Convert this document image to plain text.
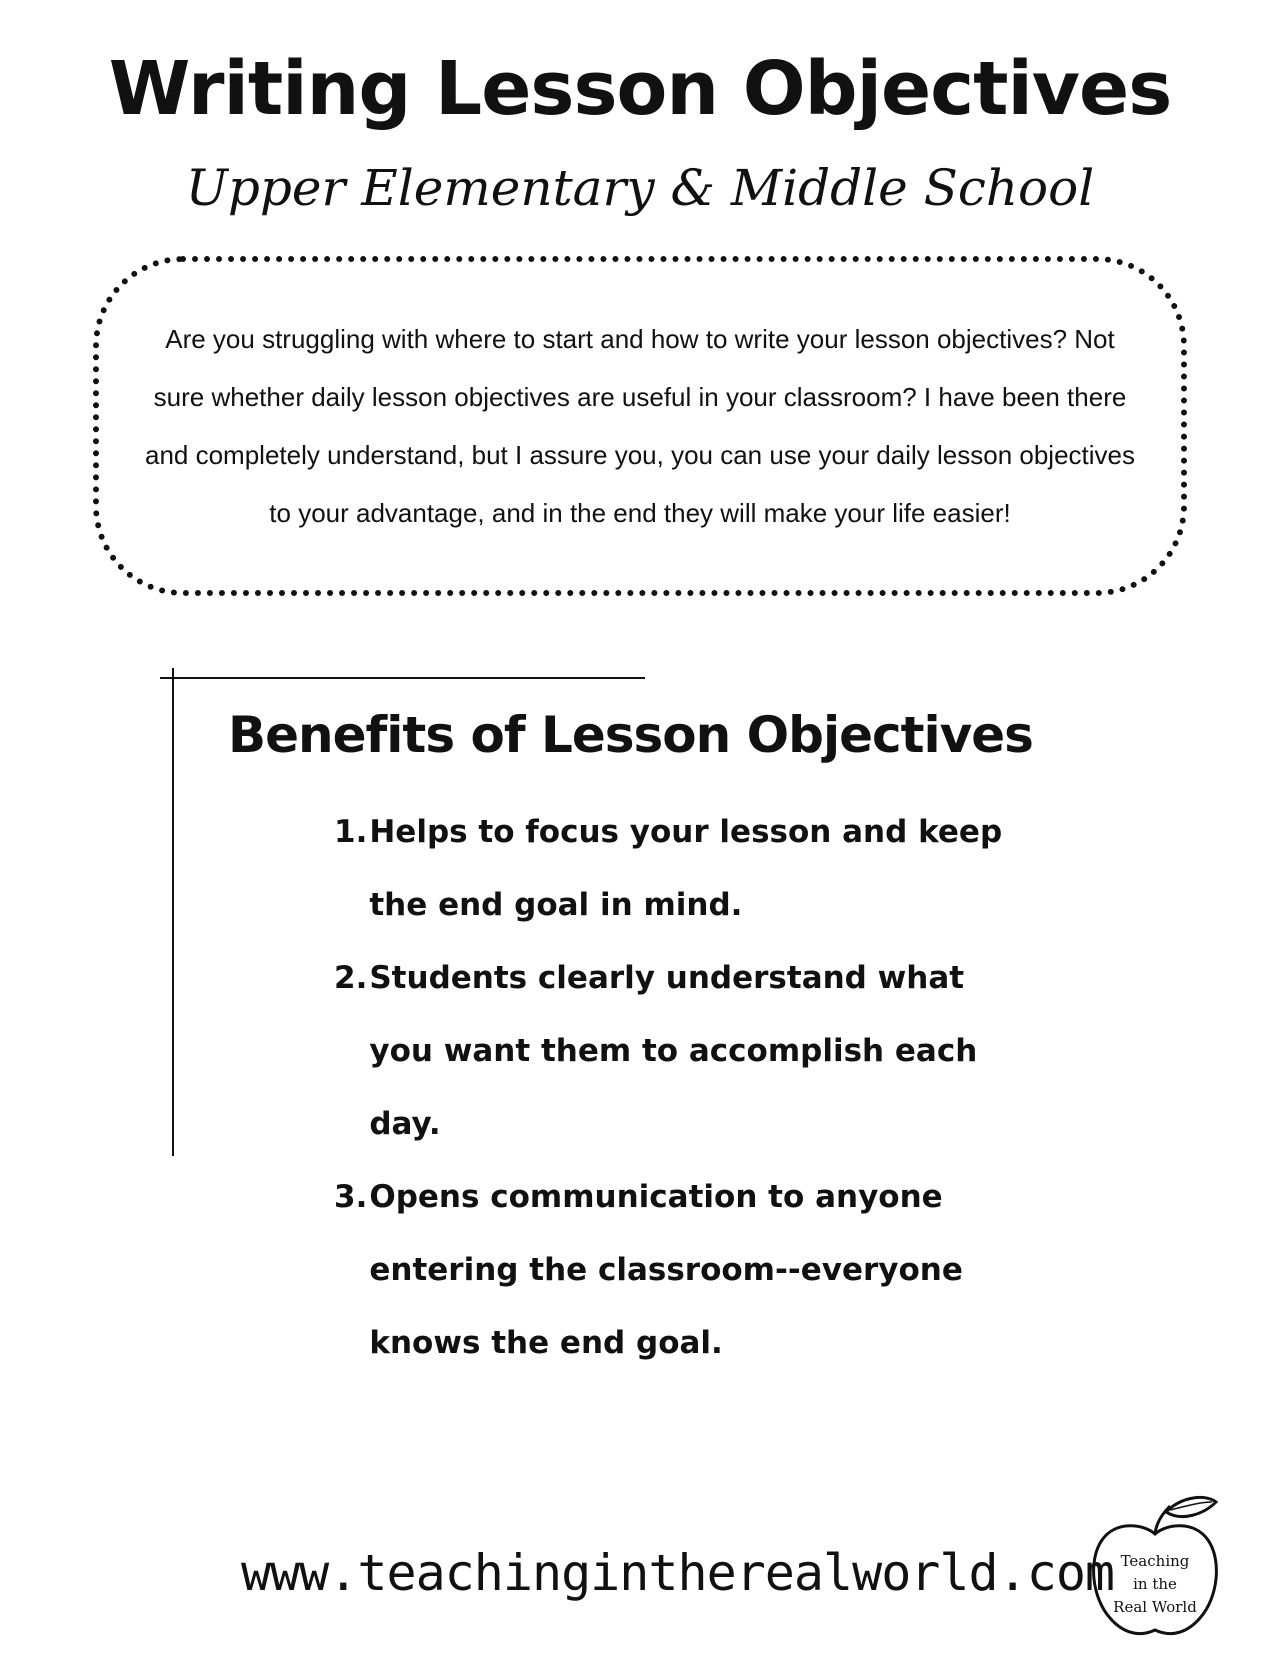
Writing Lesson Objectives

Upper Elementary & Middle School

Are you struggling with where to start and how to write your lesson objectives? Not sure whether daily lesson objectives are useful in your classroom? I have been there and completely understand, but I assure you, you can use your daily lesson objectives to your advantage, and in the end they will make your life easier!

Benefits of Lesson Objectives
1. Helps to focus your lesson and keep the end goal in mind.
2. Students clearly understand what you want them to accomplish each day.
3. Opens communication to anyone entering the classroom--everyone knows the end goal.

www.teachingintherealworld.com Teaching
in the
Real World
